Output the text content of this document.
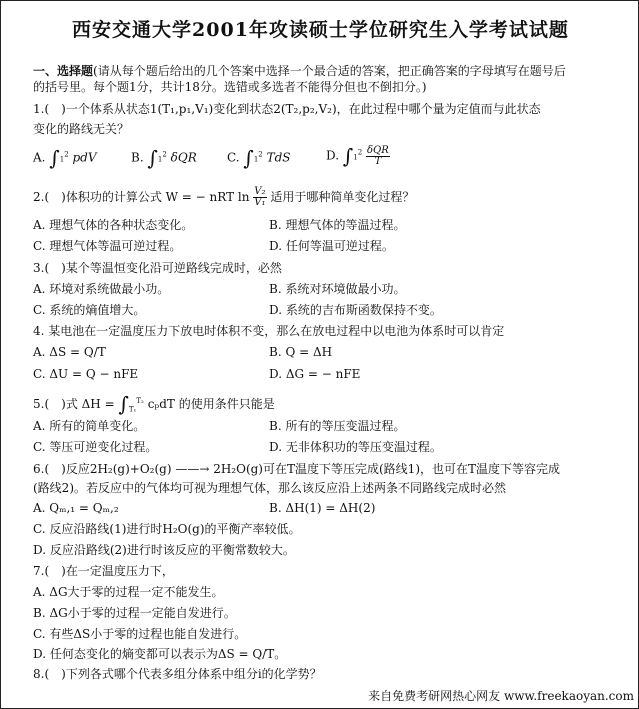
西安交通大学2001年攻读硕士学位研究生入学考试试题
一、选择题(请从每个题后给出的几个答案中选择一个最合适的答案，把正确答案的字母填写在题号后
的括号里。每个题1分，共计18分。选错或多选者不能得分但也不倒扣分。)
1.(　)一个体系从状态1(T₁,p₁,V₁)变化到状态2(T₂,p₂,V₂)，在此过程中哪个量为定值而与此状态
变化的路线无关？
A. $\int 1^2$ pdV	B. $\int 1^2$ δQR	C. $\int 1^2$ TdS	D. $\int 1^2 \frac{\text{δQR}}{T}$
2.(　)体积功的计算公式 W = − nRT $\ln \frac{\text{V₂}}{\text{V₁}}$ 适用于哪种简单变化过程？
A. 理想气体的各种状态变化。	B. 理想气体的等温过程。
C. 理想气体等温可逆过程。	D. 任何等温可逆过程。
3.(　)某个等温恒变化沿可逆路线完成时，必然
A. 环境对系统做最小功。	B. 系统对环境做最小功。
C. 系统的熵值增大。	D. 系统的吉布斯函数保持不变。
4. 某电池在一定温度压力下放电时体积不变，那么在放电过程中以电池为体系时可以肯定
A. ΔS = Q/T	B. Q = ΔH
C. ΔU = Q − nFE	D. ΔG = − nFE
5.(　)式 $\Delta H = \int_{T_1}^{T_2}$ cₚdT 的使用条件只能是
A. 所有的简单变化。	B. 所有的等压变温过程。
C. 等压可逆变化过程。	D. 无非体积功的等压变温过程。
6.(　)反应2H₂(g)+O₂(g) ——→ 2H₂O(g)可在T温度下等压完成(路线1)，也可在T温度下等容完成
(路线2)。若反应中的气体均可视为理想气体，那么该反应沿上述两条不同路线完成时必然
A. Qₘ,₁ = Qₘ,₂	B. ΔH(1) = ΔH(2)
C. 反应沿路线(1)进行时H₂O(g)的平衡产率较低。
D. 反应沿路线(2)进行时该反应的平衡常数较大。
7.(　)在一定温度压力下，
A. ΔG大于零的过程一定不能发生。
B. ΔG小于零的过程一定能自发进行。
C. 有些ΔS小于零的过程也能自发进行。
D. 任何态变化的熵变都可以表示为ΔS = Q/T。
8.(　)下列各式哪个代表多组分体系中组分i的化学势？
来自免费考研网热心网友 www.freekaoyan.com
